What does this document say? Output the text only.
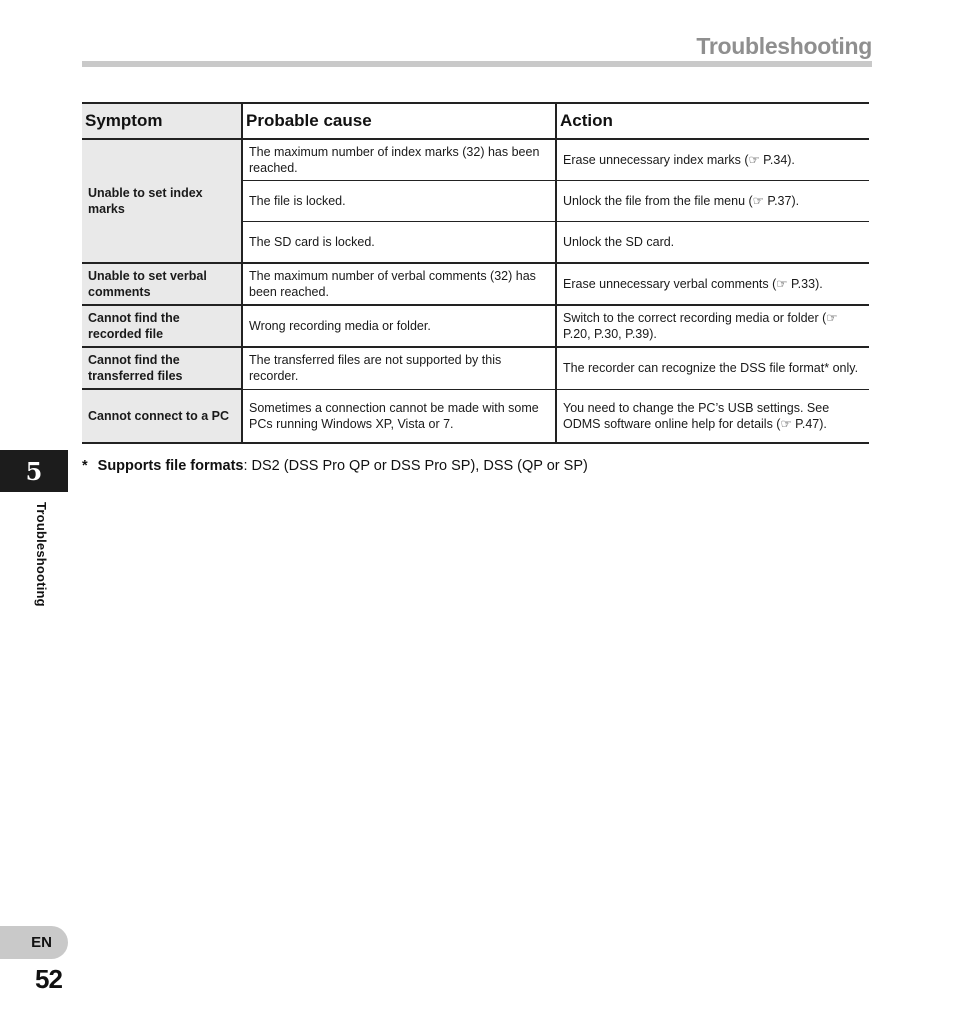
Troubleshooting
Symptom	Probable cause	Action
Unable to set index marks	The maximum number of index marks (32) has been reached.	Erase unnecessary index marks (☞ P.34).
	The file is locked.	Unlock the file from the file menu (☞ P.37).
	The SD card is locked.	Unlock the SD card.
Unable to set verbal comments	The maximum number of verbal comments (32) has been reached.	Erase unnecessary verbal comments (☞ P.33).
Cannot find the recorded file	Wrong recording media or folder.	Switch to the correct recording media or folder (☞ P.20, P.30, P.39).
Cannot find the transferred files	The transferred files are not supported by this recorder.	The recorder can recognize the DSS file format* only.
Cannot connect to a PC	Sometimes a connection cannot be made with some PCs running Windows XP, Vista or 7.	You need to change the PC’s USB settings. See ODMS software online help for details (☞ P.47).
* Supports file formats: DS2 (DSS Pro QP or DSS Pro SP), DSS (QP or SP)
5
Troubleshooting
EN
52
